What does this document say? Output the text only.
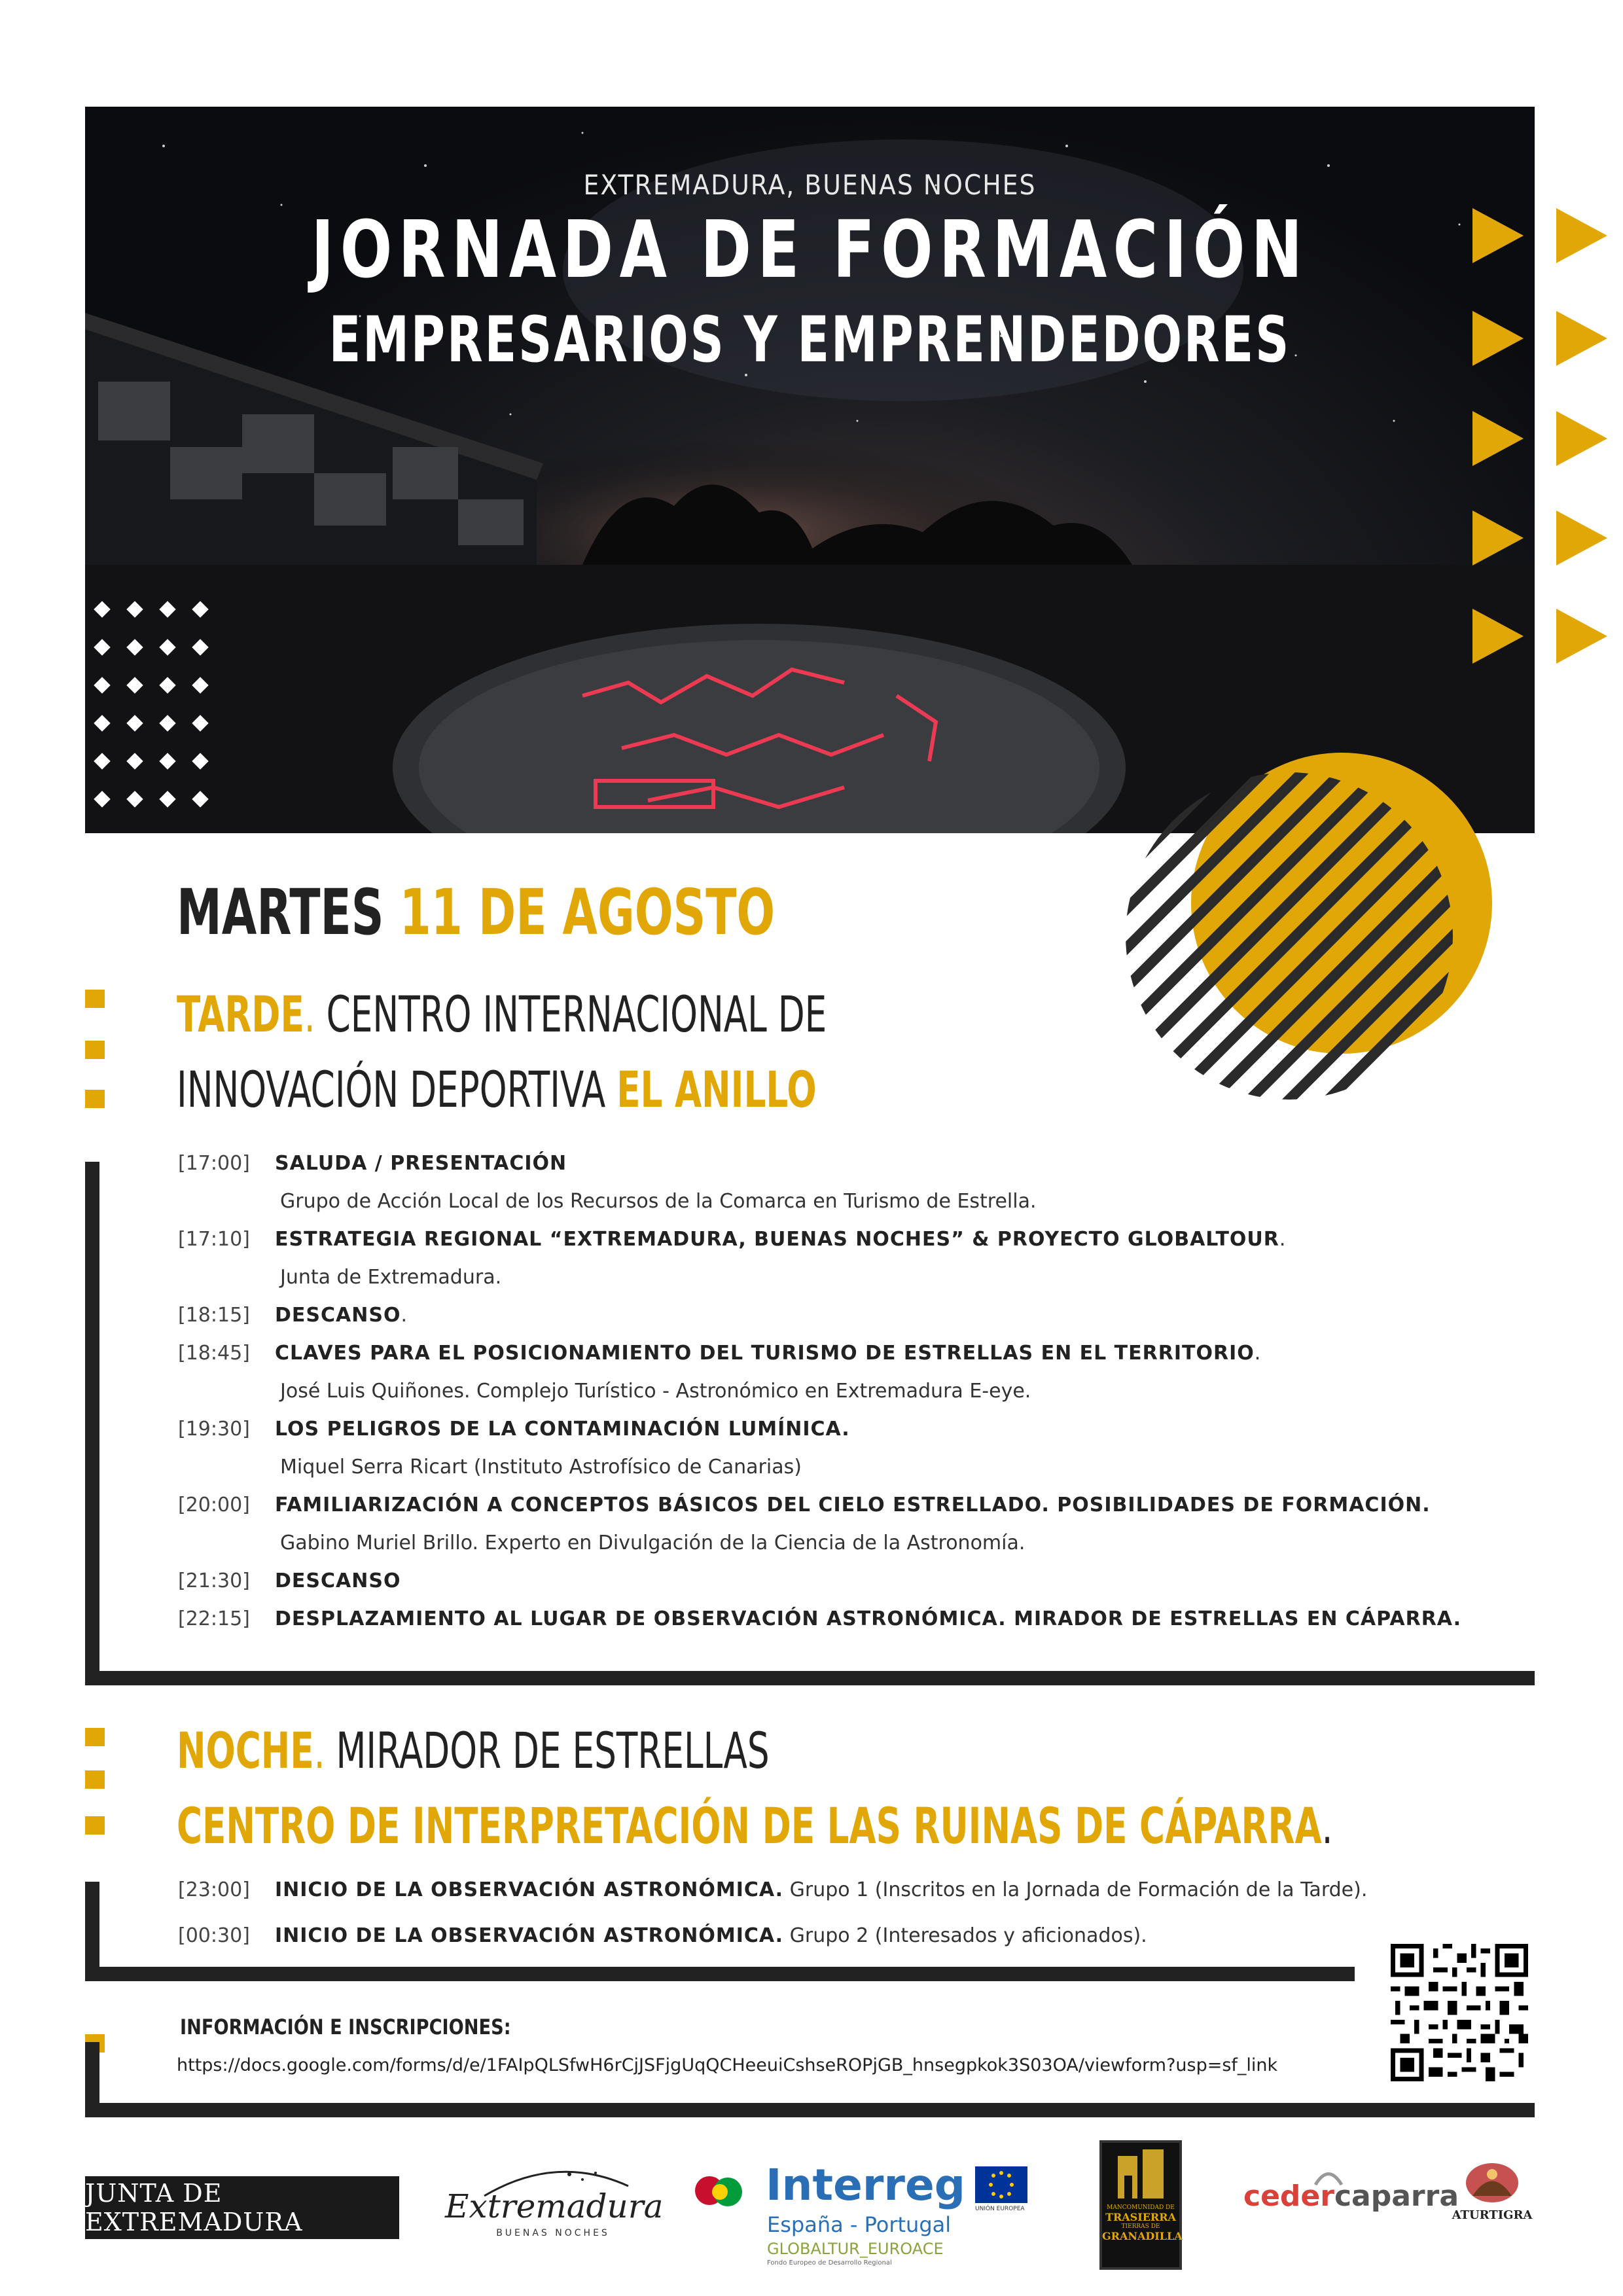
EXTREMADURA, BUENAS NOCHES
JORNADA DE FORMACIÓN
EMPRESARIOS Y EMPRENDEDORES
MARTES 11 DE AGOSTO
TARDE. CENTRO INTERNACIONAL DE
INNOVACIÓN DEPORTIVA EL ANILLO
[17:00] SALUDA / PRESENTACIÓN
Grupo de Acción Local de los Recursos de la Comarca en Turismo de Estrella.
[17:10] ESTRATEGIA REGIONAL “EXTREMADURA, BUENAS NOCHES” & PROYECTO GLOBALTOUR.
Junta de Extremadura.
[18:15] DESCANSO.
[18:45] CLAVES PARA EL POSICIONAMIENTO DEL TURISMO DE ESTRELLAS EN EL TERRITORIO.
José Luis Quiñones. Complejo Turístico - Astronómico en Extremadura E-eye.
[19:30] LOS PELIGROS DE LA CONTAMINACIÓN LUMÍNICA.
Miquel Serra Ricart (Instituto Astrofísico de Canarias)
[20:00] FAMILIARIZACIÓN A CONCEPTOS BÁSICOS DEL CIELO ESTRELLADO. POSIBILIDADES DE FORMACIÓN.
Gabino Muriel Brillo. Experto en Divulgación de la Ciencia de la Astronomía.
[21:30] DESCANSO
[22:15] DESPLAZAMIENTO AL LUGAR DE OBSERVACIÓN ASTRONÓMICA. MIRADOR DE ESTRELLAS EN CÁPARRA.
NOCHE. MIRADOR DE ESTRELLAS
CENTRO DE INTERPRETACIÓN DE LAS RUINAS DE CÁPARRA.
[23:00] INICIO DE LA OBSERVACIÓN ASTRONÓMICA. Grupo 1 (Inscritos en la Jornada de Formación de la Tarde).
[00:30] INICIO DE LA OBSERVACIÓN ASTRONÓMICA. Grupo 2 (Interesados y aficionados).
INFORMACIÓN E INSCRIPCIONES:
https://docs.google.com/forms/d/e/1FAIpQLSfwH6rCjJSFjgUqQCHeeuiCshseROPjGB_hnsegpkok3S03OA/viewform?usp=sf_link
JUNTA DE EXTREMADURA	Extremadura
BUENAS NOCHES
Interreg
España - Portugal
GLOBALTUR_EUROACE
Fondo Europeo de Desarrollo Regional
UNIÓN EUROPEA	MANCOMUNIDAD DE
TRASIERRA
TIERRAS DE
GRANADILLA
cedercaparra
ATURTIGRA
